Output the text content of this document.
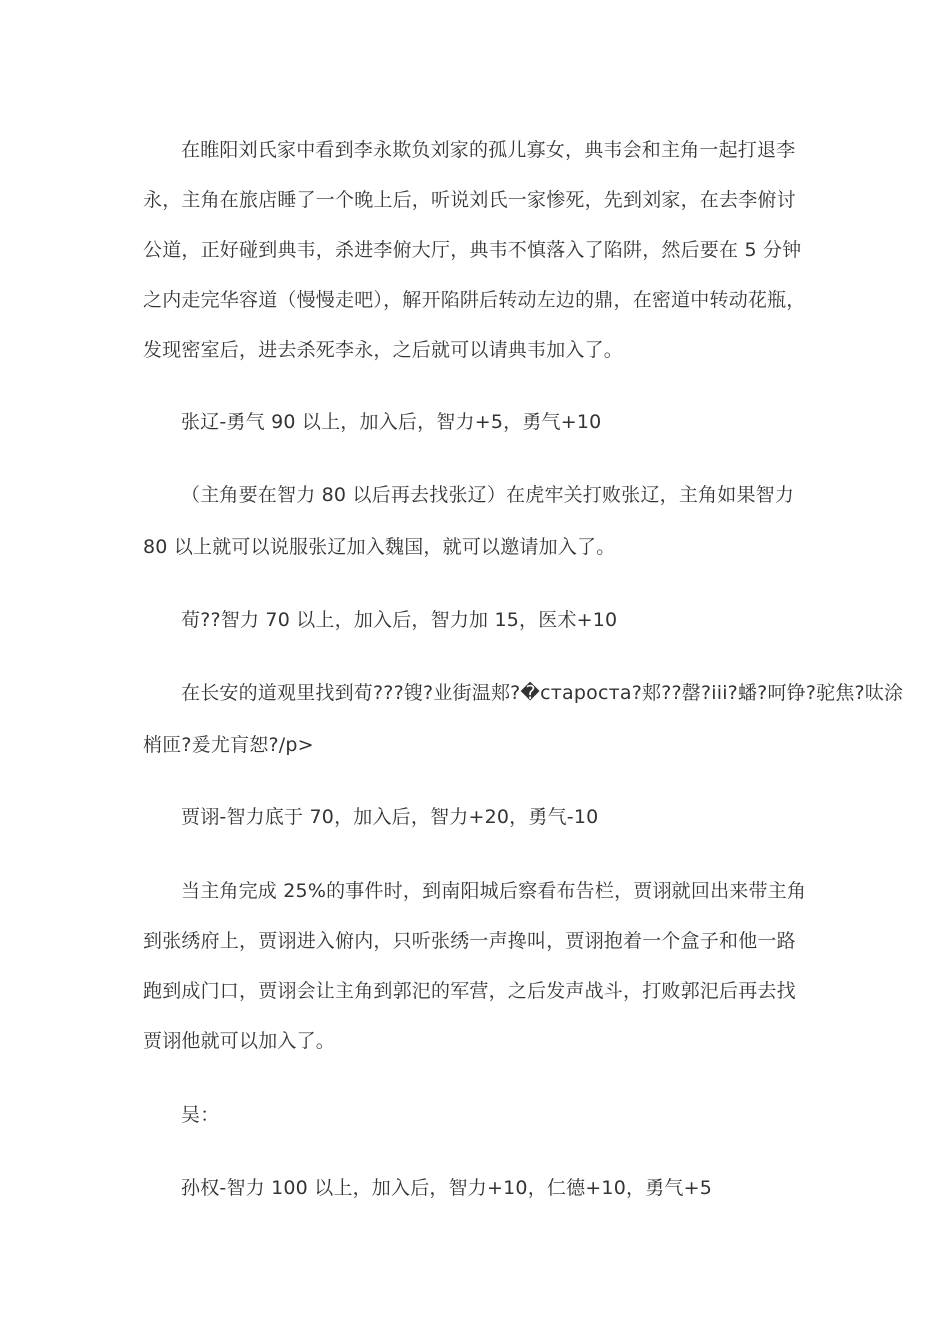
在睢阳刘氏家中看到李永欺负刘家的孤儿寡女，典韦会和主角一起打退李
永，主角在旅店睡了一个晚上后，听说刘氏一家惨死，先到刘家，在去李俯讨
公道，正好碰到典韦，杀进李俯大厅，典韦不慎落入了陷阱，然后要在 5 分钟
之内走完华容道（慢慢走吧），解开陷阱后转动左边的鼎，在密道中转动花瓶，
发现密室后，进去杀死李永，之后就可以请典韦加入了。
张辽-勇气 90 以上，加入后，智力+5，勇气+10
（主角要在智力 80 以后再去找张辽）在虎牢关打败张辽，主角如果智力
80 以上就可以说服张辽加入魏国，就可以邀请加入了。
荀??智力 70 以上，加入后，智力加 15，医术+10
在长安的道观里找到荀???锼?业街温郏?�староста?郏??罄?iii?蟠?呵铮?驼焦?呔涂
梢匝?爰尤肓恕?/p>
贾诩-智力底于 70，加入后，智力+20，勇气-10
当主角完成 25%的事件时，到南阳城后察看布告栏，贾诩就回出来带主角
到张绣府上，贾诩进入俯内，只听张绣一声搀叫，贾诩抱着一个盒子和他一路
跑到成门口，贾诩会让主角到郭汜的军营，之后发声战斗，打败郭汜后再去找
贾诩他就可以加入了。
吴：
孙权-智力 100 以上，加入后，智力+10，仁德+10，勇气+5
